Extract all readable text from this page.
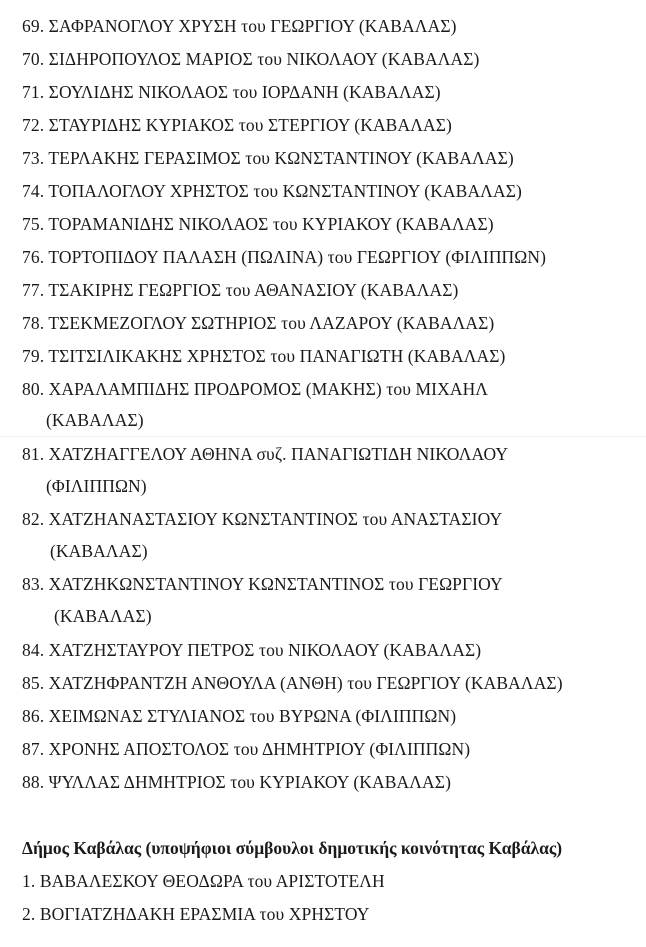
69. ΣΑΦΡΑΝΟΓΛΟΥ ΧΡΥΣΗ του ΓΕΩΡΓΙΟΥ (ΚΑΒΑΛΑΣ)
70. ΣΙΔΗΡΟΠΟΥΛΟΣ ΜΑΡΙΟΣ του ΝΙΚΟΛΑΟΥ (ΚΑΒΑΛΑΣ)
71. ΣΟΥΛΙΔΗΣ ΝΙΚΟΛΑΟΣ του ΙΟΡΔΑΝΗ (ΚΑΒΑΛΑΣ)
72. ΣΤΑΥΡΙΔΗΣ ΚΥΡΙΑΚΟΣ του ΣΤΕΡΓΙΟΥ (ΚΑΒΑΛΑΣ)
73. ΤΕΡΛΑΚΗΣ ΓΕΡΑΣΙΜΟΣ του ΚΩΝΣΤΑΝΤΙΝΟΥ (ΚΑΒΑΛΑΣ)
74. ΤΟΠΑΛΟΓΛΟΥ ΧΡΗΣΤΟΣ του ΚΩΝΣΤΑΝΤΙΝΟΥ (ΚΑΒΑΛΑΣ)
75. ΤΟΡΑΜΑΝΙΔΗΣ ΝΙΚΟΛΑΟΣ του ΚΥΡΙΑΚΟΥ (ΚΑΒΑΛΑΣ)
76. ΤΟΡΤΟΠΙΔΟΥ ΠΑΛΑΣΗ (ΠΩΛΙΝΑ) του ΓΕΩΡΓΙΟΥ (ΦΙΛΙΠΠΩΝ)
77. ΤΣΑΚΙΡΗΣ ΓΕΩΡΓΙΟΣ του ΑΘΑΝΑΣΙΟΥ (ΚΑΒΑΛΑΣ)
78. ΤΣΕΚΜΕΖΟΓΛΟΥ ΣΩΤΗΡΙΟΣ του ΛΑΖΑΡΟΥ (ΚΑΒΑΛΑΣ)
79. ΤΣΙΤΣΙΛΙΚΑΚΗΣ ΧΡΗΣΤΟΣ του ΠΑΝΑΓΙΩΤΗ (ΚΑΒΑΛΑΣ)
80. ΧΑΡΑΛΑΜΠΙΔΗΣ ΠΡΟΔΡΟΜΟΣ (ΜΑΚΗΣ) του ΜΙΧΑΗΛ
(ΚΑΒΑΛΑΣ)
81. ΧΑΤΖΗΑΓΓΕΛΟΥ ΑΘΗΝΑ συζ. ΠΑΝΑΓΙΩΤΙΔΗ ΝΙΚΟΛΑΟΥ
(ΦΙΛΙΠΠΩΝ)
82. ΧΑΤΖΗΑΝΑΣΤΑΣΙΟΥ ΚΩΝΣΤΑΝΤΙΝΟΣ του ΑΝΑΣΤΑΣΙΟΥ
(ΚΑΒΑΛΑΣ)
83. ΧΑΤΖΗΚΩΝΣΤΑΝΤΙΝΟΥ ΚΩΝΣΤΑΝΤΙΝΟΣ του ΓΕΩΡΓΙΟΥ
(ΚΑΒΑΛΑΣ)
84. ΧΑΤΖΗΣΤΑΥΡΟΥ ΠΕΤΡΟΣ του ΝΙΚΟΛΑΟΥ (ΚΑΒΑΛΑΣ)
85. ΧΑΤΖΗΦΡΑΝΤΖΗ ΑΝΘΟΥΛΑ (ΑΝΘΗ) του ΓΕΩΡΓΙΟΥ (ΚΑΒΑΛΑΣ)
86. ΧΕΙΜΩΝΑΣ ΣΤΥΛΙΑΝΟΣ του ΒΥΡΩΝΑ (ΦΙΛΙΠΠΩΝ)
87. ΧΡΟΝΗΣ ΑΠΟΣΤΟΛΟΣ του ΔΗΜΗΤΡΙΟΥ (ΦΙΛΙΠΠΩΝ)
88. ΨΥΛΛΑΣ ΔΗΜΗΤΡΙΟΣ του ΚΥΡΙΑΚΟΥ (ΚΑΒΑΛΑΣ)
Δήμος Καβάλας (υποψήφιοι σύμβουλοι δημοτικής κοινότητας Καβάλας)
1. ΒΑΒΑΛΕΣΚΟΥ ΘΕΟΔΩΡΑ του ΑΡΙΣΤΟΤΕΛΗ
2. ΒΟΓΙΑΤΖΗΔΑΚΗ ΕΡΑΣΜΙΑ του ΧΡΗΣΤΟΥ
